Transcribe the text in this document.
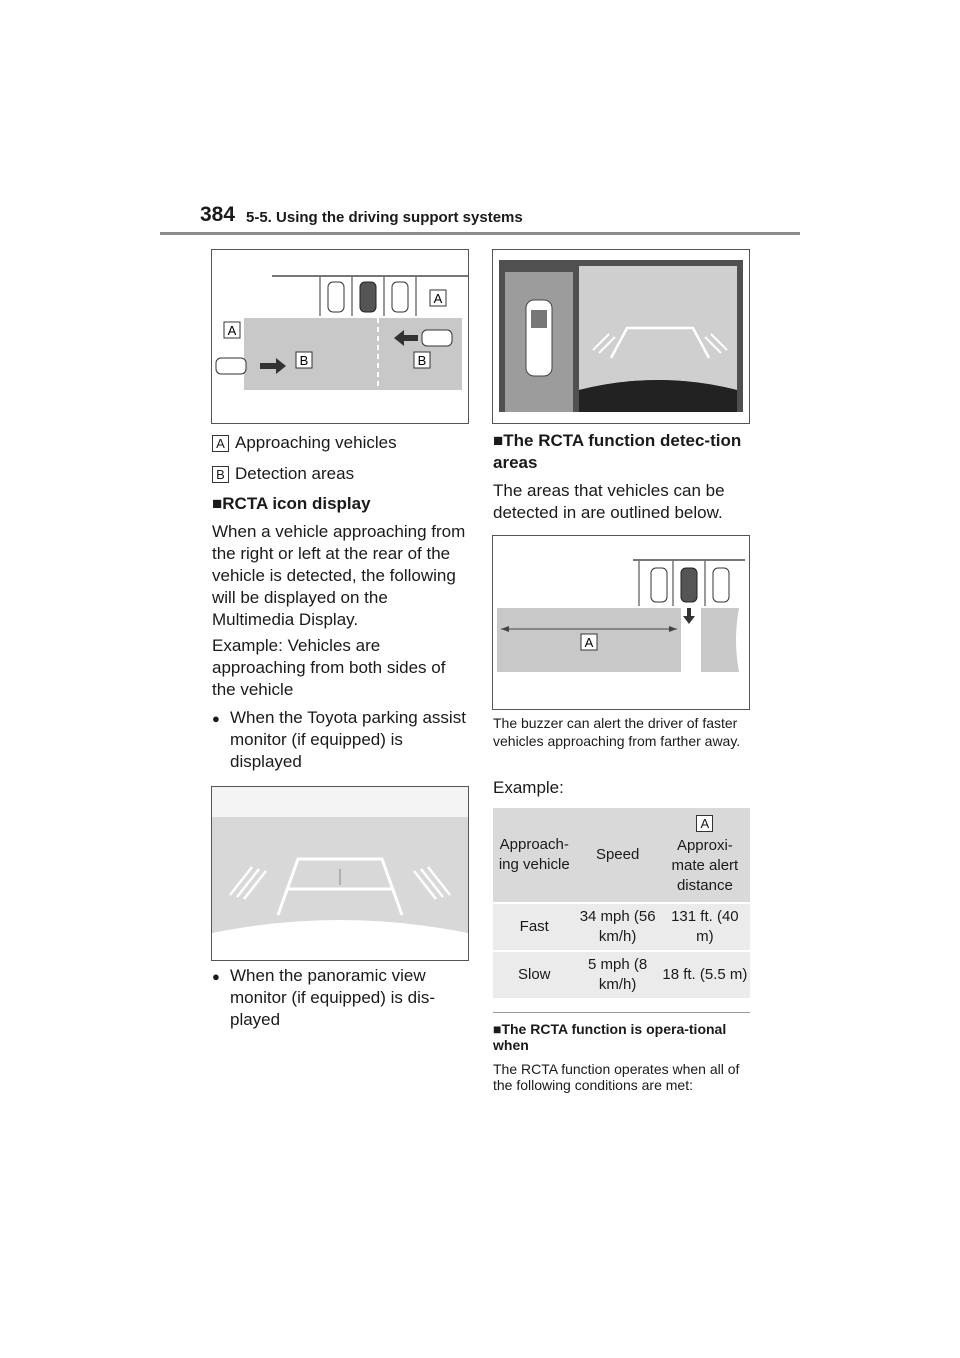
384 5-5. Using the driving support systems
A
A
B	B
A Approaching vehicles
B Detection areas
■RCTA icon display
When a vehicle approaching from the right or left at the rear of the vehicle is detected, the following will be displayed on the Multimedia Display.
Example: Vehicles are approaching from both sides of the vehicle
● When the Toyota parking assist monitor (if equipped) is displayed
● When the panoramic view monitor (if equipped) is dis-played
■The RCTA function detec-tion areas
The areas that vehicles can be detected in are outlined below.
A
The buzzer can alert the driver of faster vehicles approaching from farther away.
Example:
Approach-ing vehicle	Speed	A
Approxi-mate alert distance
Fast	34 mph (56 km/h)	131 ft. (40 m)
Slow	5 mph (8 km/h)	18 ft. (5.5 m)
■The RCTA function is opera-tional when
The RCTA function operates when all of the following conditions are met:
